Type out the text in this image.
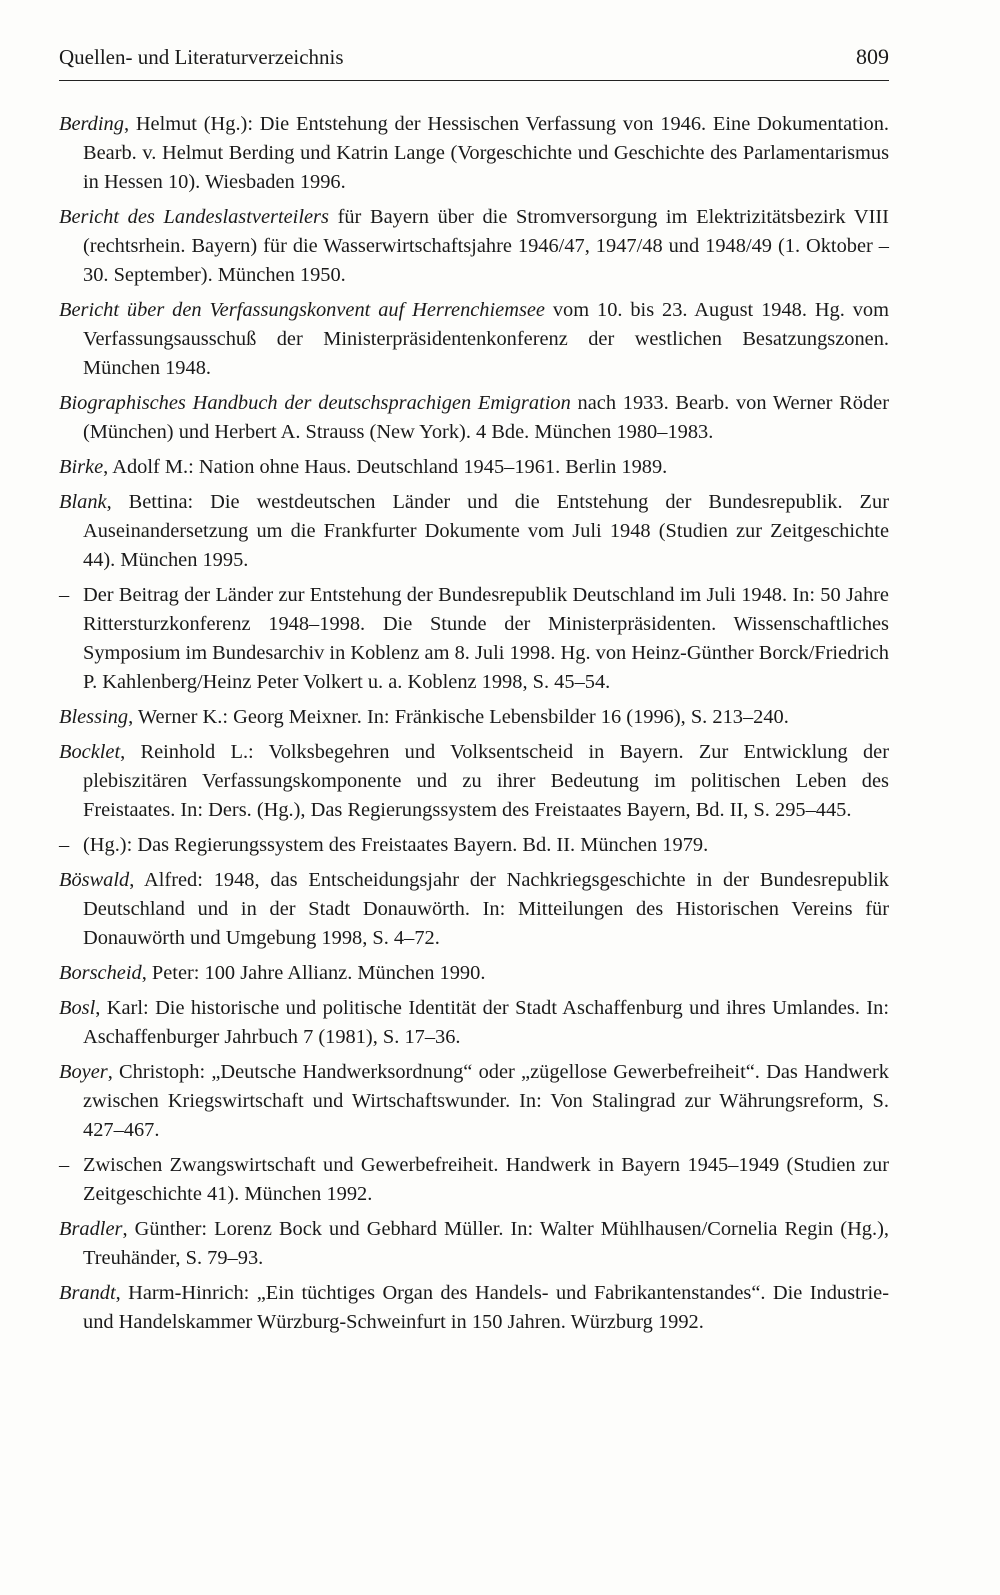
Quellen- und Literaturverzeichnis	809

Berding, Helmut (Hg.): Die Entstehung der Hessischen Verfassung von 1946. Eine Dokumentation. Bearb. v. Helmut Berding und Katrin Lange (Vorgeschichte und Geschichte des Parlamentarismus in Hessen 10). Wiesbaden 1996.

Bericht des Landeslastverteilers für Bayern über die Stromversorgung im Elektrizitätsbezirk VIII (rechtsrhein. Bayern) für die Wasserwirtschaftsjahre 1946/47, 1947/48 und 1948/49 (1. Oktober – 30. September). München 1950.

Bericht über den Verfassungskonvent auf Herrenchiemsee vom 10. bis 23. August 1948. Hg. vom Verfassungsausschuß der Ministerpräsidentenkonferenz der westlichen Besatzungszonen. München 1948.

Biographisches Handbuch der deutschsprachigen Emigration nach 1933. Bearb. von Werner Röder (München) und Herbert A. Strauss (New York). 4 Bde. München 1980–1983.

Birke, Adolf M.: Nation ohne Haus. Deutschland 1945–1961. Berlin 1989.

Blank, Bettina: Die westdeutschen Länder und die Entstehung der Bundesrepublik. Zur Auseinandersetzung um die Frankfurter Dokumente vom Juli 1948 (Studien zur Zeitgeschichte 44). München 1995.

– Der Beitrag der Länder zur Entstehung der Bundesrepublik Deutschland im Juli 1948. In: 50 Jahre Rittersturzkonferenz 1948–1998. Die Stunde der Ministerpräsidenten. Wissenschaftliches Symposium im Bundesarchiv in Koblenz am 8. Juli 1998. Hg. von Heinz-Günther Borck/Friedrich P. Kahlenberg/Heinz Peter Volkert u. a. Koblenz 1998, S. 45–54.

Blessing, Werner K.: Georg Meixner. In: Fränkische Lebensbilder 16 (1996), S. 213–240.

Bocklet, Reinhold L.: Volksbegehren und Volksentscheid in Bayern. Zur Entwicklung der plebiszitären Verfassungskomponente und zu ihrer Bedeutung im politischen Leben des Freistaates. In: Ders. (Hg.), Das Regierungssystem des Freistaates Bayern, Bd. II, S. 295–445.

– (Hg.): Das Regierungssystem des Freistaates Bayern. Bd. II. München 1979.

Böswald, Alfred: 1948, das Entscheidungsjahr der Nachkriegsgeschichte in der Bundesrepublik Deutschland und in der Stadt Donauwörth. In: Mitteilungen des Historischen Vereins für Donauwörth und Umgebung 1998, S. 4–72.

Borscheid, Peter: 100 Jahre Allianz. München 1990.

Bosl, Karl: Die historische und politische Identität der Stadt Aschaffenburg und ihres Umlandes. In: Aschaffenburger Jahrbuch 7 (1981), S. 17–36.

Boyer, Christoph: „Deutsche Handwerksordnung“ oder „zügellose Gewerbefreiheit“. Das Handwerk zwischen Kriegswirtschaft und Wirtschaftswunder. In: Von Stalingrad zur Währungsreform, S. 427–467.

– Zwischen Zwangswirtschaft und Gewerbefreiheit. Handwerk in Bayern 1945–1949 (Studien zur Zeitgeschichte 41). München 1992.

Bradler, Günther: Lorenz Bock und Gebhard Müller. In: Walter Mühlhausen/Cornelia Regin (Hg.), Treuhänder, S. 79–93.

Brandt, Harm-Hinrich: „Ein tüchtiges Organ des Handels- und Fabrikantenstandes“. Die Industrie- und Handelskammer Würzburg-Schweinfurt in 150 Jahren. Würzburg 1992.
